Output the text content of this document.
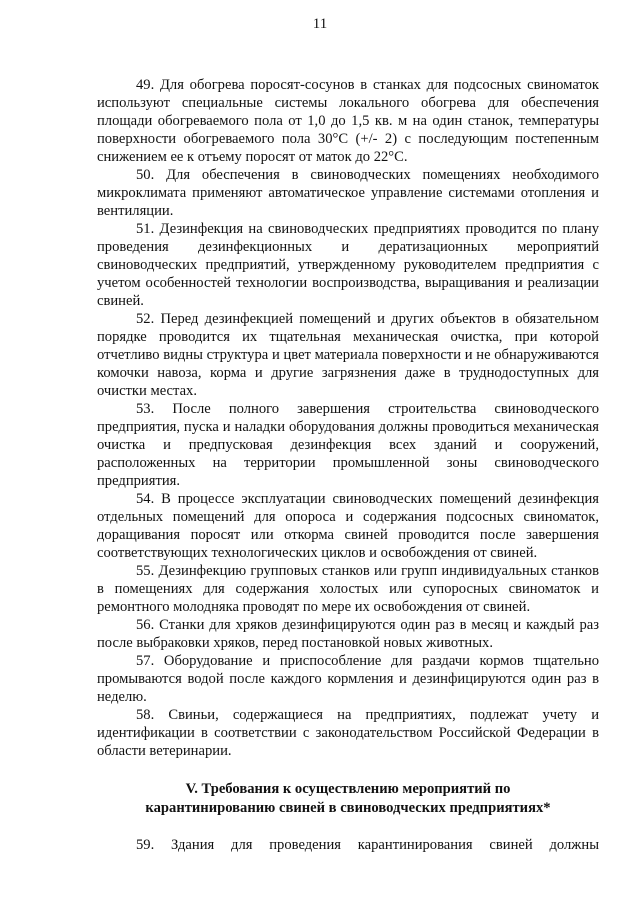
11

49. Для обогрева поросят-сосунов в станках для подсосных свиноматок используют специальные системы локального обогрева для обеспечения площади обогреваемого пола от 1,0 до 1,5 кв. м на один станок, температуры поверхности обогреваемого пола 30°С (+/- 2) с последующим постепенным снижением ее к отъему поросят от маток до 22°С.

50. Для обеспечения в свиноводческих помещениях необходимого микроклимата применяют автоматическое управление системами отопления и вентиляции.

51. Дезинфекция на свиноводческих предприятиях проводится по плану проведения дезинфекционных и дератизационных мероприятий свиноводческих предприятий, утвержденному руководителем предприятия с учетом особенностей технологии воспроизводства, выращивания и реализации свиней.

52. Перед дезинфекцией помещений и других объектов в обязательном порядке проводится их тщательная механическая очистка, при которой отчетливо видны структура и цвет материала поверхности и не обнаруживаются комочки навоза, корма и другие загрязнения даже в труднодоступных для очистки местах.

53. После полного завершения строительства свиноводческого предприятия, пуска и наладки оборудования должны проводиться механическая очистка и предпусковая дезинфекция всех зданий и сооружений, расположенных на территории промышленной зоны свиноводческого предприятия.

54. В процессе эксплуатации свиноводческих помещений дезинфекция отдельных помещений для опороса и содержания подсосных свиноматок, доращивания поросят или откорма свиней проводится после завершения соответствующих технологических циклов и освобождения от свиней.

55. Дезинфекцию групповых станков или групп индивидуальных станков в помещениях для содержания холостых или супоросных свиноматок и ремонтного молодняка проводят по мере их освобождения от свиней.

56. Станки для хряков дезинфицируются один раз в месяц и каждый раз после выбраковки хряков, перед постановкой новых животных.

57. Оборудование и приспособление для раздачи кормов тщательно промываются водой после каждого кормления и дезинфицируются один раз в неделю.

58. Свиньи, содержащиеся на предприятиях, подлежат учету и идентификации в соответствии с законодательством Российской Федерации в области ветеринарии.

V. Требования к осуществлению мероприятий по
карантинированию свиней в свиноводческих предприятиях*

59. Здания для проведения карантинирования свиней должны
